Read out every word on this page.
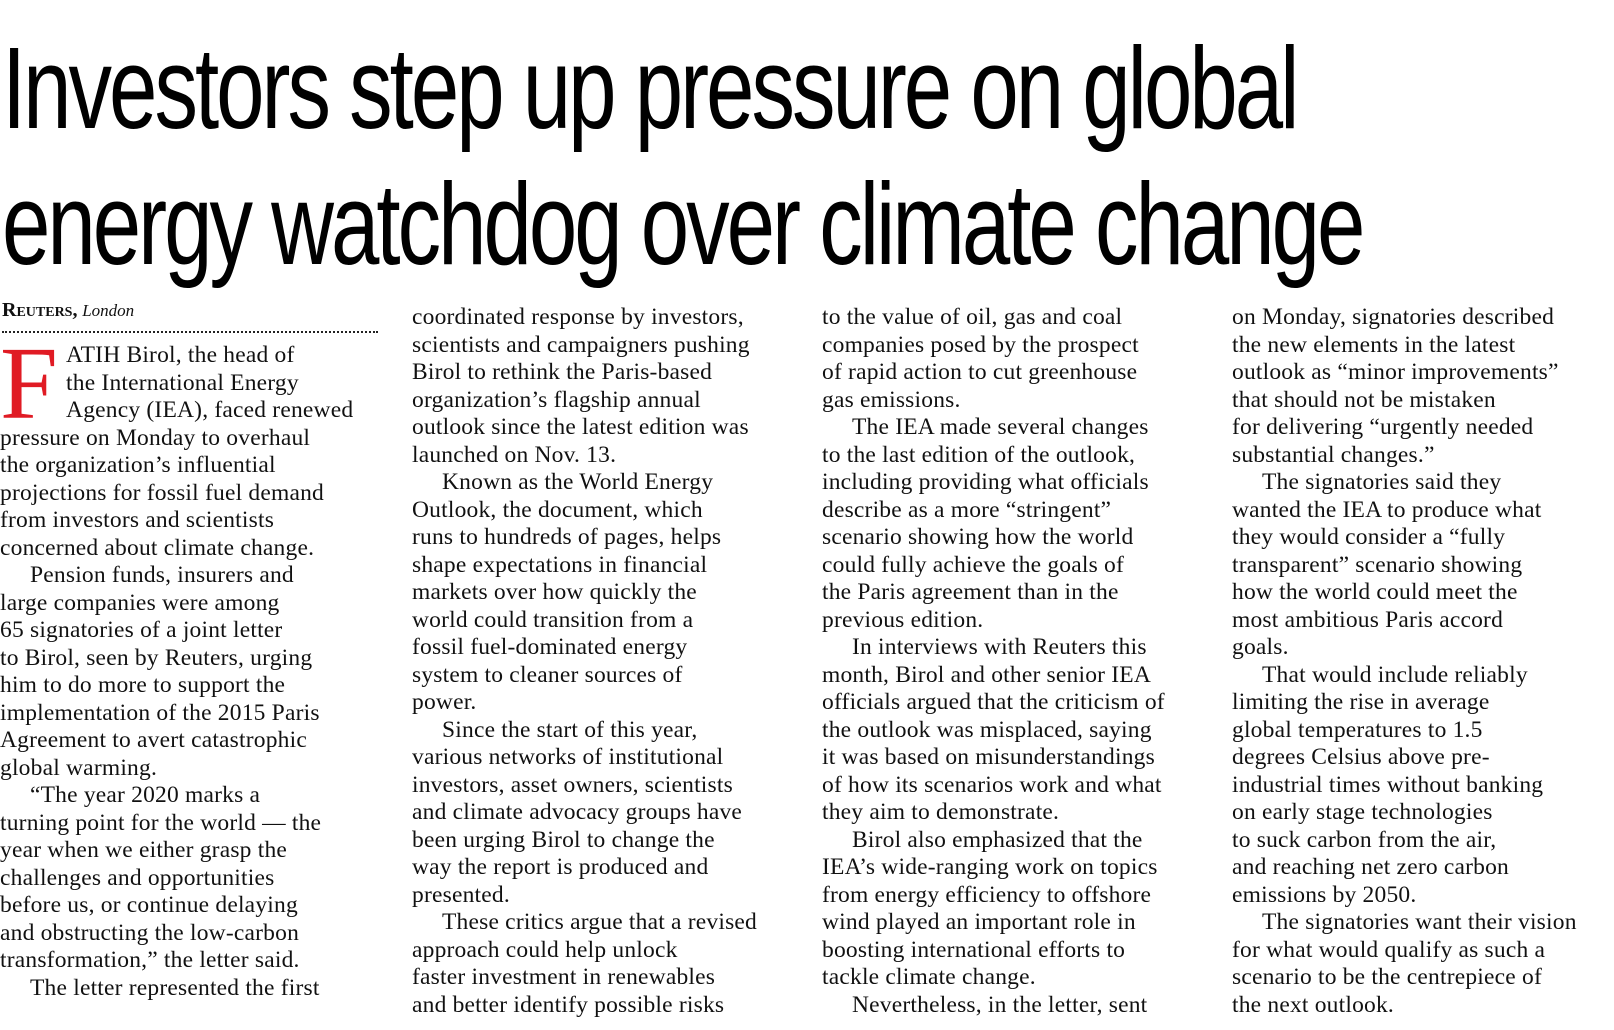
Investors step up pressure on global
energy watchdog over climate change
Reuters, London

FATIH Birol, the head of
the International Energy
Agency (IEA), faced renewed
pressure on Monday to overhaul
the organization’s influential
projections for fossil fuel demand
from investors and scientists
concerned about climate change.

Pension funds, insurers and
large companies were among
65 signatories of a joint letter
to Birol, seen by Reuters, urging
him to do more to support the
implementation of the 2015 Paris
Agreement to avert catastrophic
global warming.

“The year 2020 marks a
turning point for the world — the
year when we either grasp the
challenges and opportunities
before us, or continue delaying
and obstructing the low-carbon
transformation,” the letter said.

The letter represented the first

coordinated response by investors,
scientists and campaigners pushing
Birol to rethink the Paris-based
organization’s flagship annual
outlook since the latest edition was
launched on Nov. 13.

Known as the World Energy
Outlook, the document, which
runs to hundreds of pages, helps
shape expectations in financial
markets over how quickly the
world could transition from a
fossil fuel-dominated energy
system to cleaner sources of
power.

Since the start of this year,
various networks of institutional
investors, asset owners, scientists
and climate advocacy groups have
been urging Birol to change the
way the report is produced and
presented.

These critics argue that a revised
approach could help unlock
faster investment in renewables
and better identify possible risks

to the value of oil, gas and coal
companies posed by the prospect
of rapid action to cut greenhouse
gas emissions.

The IEA made several changes
to the last edition of the outlook,
including providing what officials
describe as a more “stringent”
scenario showing how the world
could fully achieve the goals of
the Paris agreement than in the
previous edition.

In interviews with Reuters this
month, Birol and other senior IEA
officials argued that the criticism of
the outlook was misplaced, saying
it was based on misunderstandings
of how its scenarios work and what
they aim to demonstrate.

Birol also emphasized that the
IEA’s wide-ranging work on topics
from energy efficiency to offshore
wind played an important role in
boosting international efforts to
tackle climate change.

Nevertheless, in the letter, sent

on Monday, signatories described
the new elements in the latest
outlook as “minor improvements”
that should not be mistaken
for delivering “urgently needed
substantial changes.”

The signatories said they
wanted the IEA to produce what
they would consider a “fully
transparent” scenario showing
how the world could meet the
most ambitious Paris accord
goals.

That would include reliably
limiting the rise in average
global temperatures to 1.5
degrees Celsius above pre-
industrial times without banking
on early stage technologies
to suck carbon from the air,
and reaching net zero carbon
emissions by 2050.

The signatories want their vision
for what would qualify as such a
scenario to be the centrepiece of
the next outlook.
